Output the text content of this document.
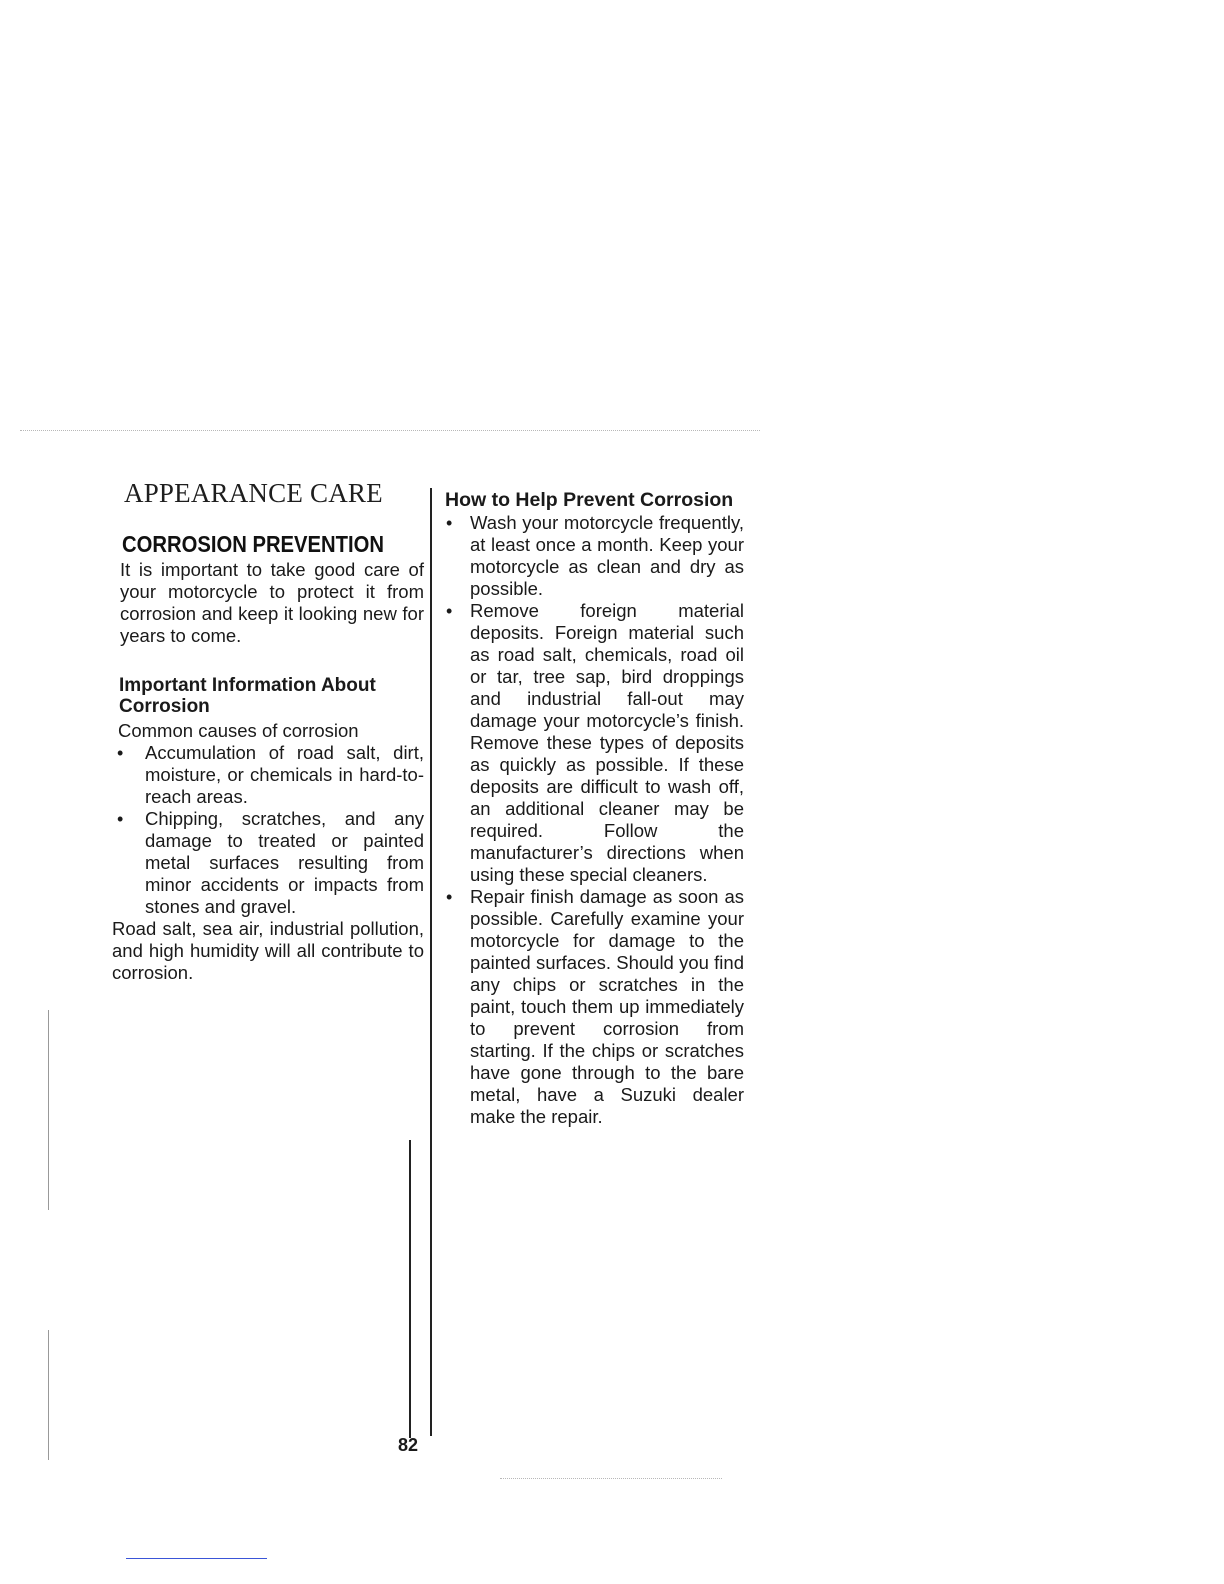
APPEARANCE CARE
CORROSION PREVENTION

It is important to take good care of your motorcycle to protect it from corrosion and keep it looking new for years to come.

Important Information About Corrosion
Common causes of corrosion
• Accumulation of road salt, dirt, moisture, or chemicals in hard-to-reach areas.
• Chipping, scratches, and any damage to treated or painted metal surfaces resulting from minor accidents or impacts from stones and gravel.

Road salt, sea air, industrial pollution, and high humidity will all contribute to corrosion.

How to Help Prevent Corrosion
• Wash your motorcycle frequently, at least once a month. Keep your motorcycle as clean and dry as possible.
• Remove foreign material deposits. Foreign material such as road salt, chemicals, road oil or tar, tree sap, bird droppings and industrial fall-out may damage your motorcycle’s finish. Remove these types of deposits as quickly as possible. If these deposits are difficult to wash off, an additional cleaner may be required. Follow the manufacturer’s directions when using these special cleaners.
• Repair finish damage as soon as possible. Carefully examine your motorcycle for damage to the painted surfaces. Should you find any chips or scratches in the paint, touch them up immediately to prevent corrosion from starting. If the chips or scratches have gone through to the bare metal, have a Suzuki dealer make the repair.
82
